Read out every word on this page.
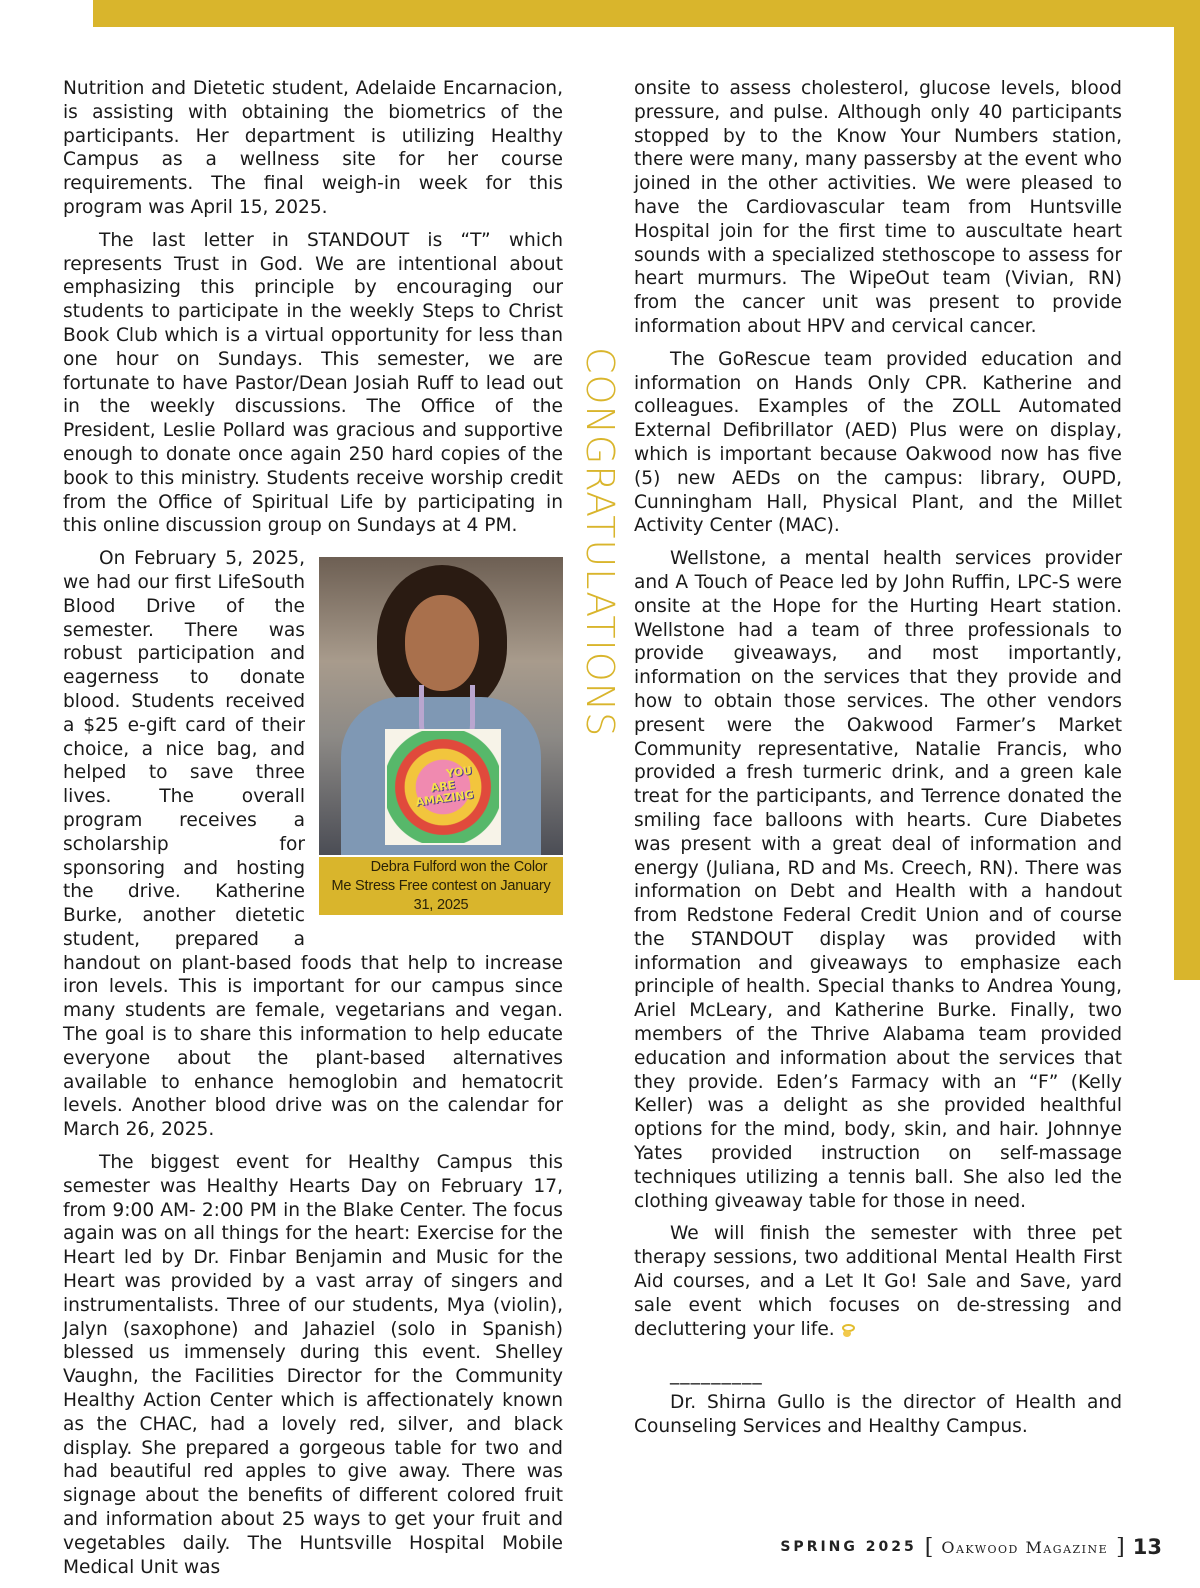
Nutrition and Dietetic student, Adelaide Encarnacion, is assisting with obtaining the biometrics of the participants. Her department is utilizing Healthy Campus as a wellness site for her course requirements. The final weigh-in week for this program was April 15, 2025.

The last letter in STANDOUT is “T” which represents Trust in God. We are intentional about emphasizing this principle by encouraging our students to participate in the weekly Steps to Christ Book Club which is a virtual opportunity for less than one hour on Sundays. This semester, we are fortunate to have Pastor/Dean Josiah Ruff to lead out in the weekly discussions. The Office of the President, Leslie Pollard was gracious and supportive enough to donate once again 250 hard copies of the book to this ministry. Students receive worship credit from the Office of Spiritual Life by participating in this online discussion group on Sundays at 4 PM.

YOU ARE AMAZING
Debra Fulford won the Color Me Stress Free contest on January 31, 2025
On February 5, 2025, we had our first LifeSouth Blood Drive of the semester. There was robust participation and eagerness to donate blood. Students received a $25 e-gift card of their choice, a nice bag, and helped to save three lives. The overall program receives a scholarship for sponsoring and hosting the drive. Katherine Burke, another dietetic student, prepared a handout on plant-based foods that help to increase iron levels. This is important for our campus since many students are female, vegetarians and vegan. The goal is to share this information to help educate everyone about the plant-based alternatives available to enhance hemoglobin and hematocrit levels. Another blood drive was on the calendar for March 26, 2025.

The biggest event for Healthy Campus this semester was Healthy Hearts Day on February 17, from 9:00 AM- 2:00 PM in the Blake Center. The focus again was on all things for the heart: Exercise for the Heart led by Dr. Finbar Benjamin and Music for the Heart was provided by a vast array of singers and instrumentalists. Three of our students, Mya (violin), Jalyn (saxophone) and Jahaziel (solo in Spanish) blessed us immensely during this event. Shelley Vaughn, the Facilities Director for the Community Healthy Action Center which is affectionately known as the CHAC, had a lovely red, silver, and black display. She prepared a gorgeous table for two and had beautiful red apples to give away. There was signage about the benefits of different colored fruit and information about 25 ways to get your fruit and vegetables daily. The Huntsville Hospital Mobile Medical Unit was

CONGRATULATIONS

onsite to assess cholesterol, glucose levels, blood pressure, and pulse. Although only 40 participants stopped by to the Know Your Numbers station, there were many, many passersby at the event who joined in the other activities. We were pleased to have the Cardiovascular team from Huntsville Hospital join for the first time to auscultate heart sounds with a specialized stethoscope to assess for heart murmurs. The WipeOut team (Vivian, RN) from the cancer unit was present to provide information about HPV and cervical cancer.

The GoRescue team provided education and information on Hands Only CPR. Katherine and colleagues. Examples of the ZOLL Automated External Defibrillator (AED) Plus were on display, which is important because Oakwood now has five (5) new AEDs on the campus: library, OUPD, Cunningham Hall, Physical Plant, and the Millet Activity Center (MAC).

Wellstone, a mental health services provider and A Touch of Peace led by John Ruffin, LPC-S were onsite at the Hope for the Hurting Heart station. Wellstone had a team of three professionals to provide giveaways, and most importantly, information on the services that they provide and how to obtain those services. The other vendors present were the Oakwood Farmer’s Market Community representative, Natalie Francis, who provided a fresh turmeric drink, and a green kale treat for the participants, and Terrence donated the smiling face balloons with hearts. Cure Diabetes was present with a great deal of information and energy (Juliana, RD and Ms. Creech, RN). There was information on Debt and Health with a handout from Redstone Federal Credit Union and of course the STANDOUT display was provided with information and giveaways to emphasize each principle of health. Special thanks to Andrea Young, Ariel McLeary, and Katherine Burke. Finally, two members of the Thrive Alabama team provided education and information about the services that they provide. Eden’s Farmacy with an “F” (Kelly Keller) was a delight as she provided healthful options for the mind, body, skin, and hair. Johnnye Yates provided instruction on self-massage techniques utilizing a tennis ball. She also led the clothing giveaway table for those in need.

We will finish the semester with three pet therapy sessions, two additional Mental Health First Aid courses, and a Let It Go! Sale and Save, yard sale event which focuses on de-stressing and decluttering your life.

_________

Dr. Shirna Gullo is the director of Health and Counseling Services and Healthy Campus.

SPRING 2025 [ Oakwood Magazine ] 13
